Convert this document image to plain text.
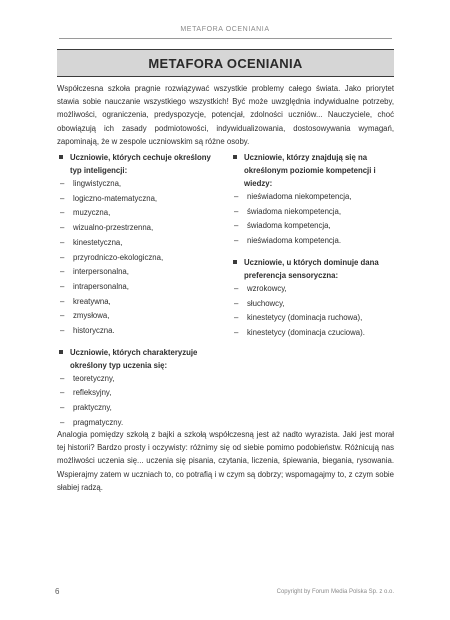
METAFORA OCENIANIA
METAFORA OCENIANIA

Współczesna szkoła pragnie rozwiązywać wszystkie problemy całego świata. Jako priorytet stawia sobie nauczanie wszystkiego wszystkich! Być może uwzględnia indywidualne potrzeby, możliwości, ograniczenia, predyspozycje, potencjał, zdolności uczniów... Nauczyciele, choć obowiązują ich zasady podmiotowości, indywidualizowania, dostosowywania wymagań, zapominają, że w zespole uczniowskim są różne osoby.

Uczniowie, których cechuje określony typ inteligencji:
–	lingwistyczna,
–	logiczno-matematyczna,
–	muzyczna,
–	wizualno-przestrzenna,
–	kinestetyczna,
–	przyrodniczo-ekologiczna,
–	interpersonalna,
–	intrapersonalna,
–	kreatywna,
–	zmysłowa,
–	historyczna.
Uczniowie, których charakteryzuje określony typ uczenia się:
–	teoretyczny,
–	refleksyjny,
–	praktyczny,
–	pragmatyczny.
Uczniowie, którzy znajdują się na określonym poziomie kompetencji i wiedzy:
–	nieświadoma niekompetencja,
–	świadoma niekompetencja,
–	świadoma kompetencja,
–	nieświadoma kompetencja.
Uczniowie, u których dominuje dana preferencja sensoryczna:
–	wzrokowcy,
–	słuchowcy,
–	kinestetycy (dominacja ruchowa),
–	kinestetycy (dominacja czuciowa).

Analogia pomiędzy szkołą z bajki a szkołą współczesną jest aż nadto wyrazista. Jaki jest morał tej historii? Bardzo prosty i oczywisty: różnimy się od siebie pomimo podobieństw. Różnicują nas możliwości uczenia się... uczenia się pisania, czytania, liczenia, śpiewania, biegania, rysowania. Wspierajmy zatem w uczniach to, co potrafią i w czym są dobrzy; wspomagajmy to, z czym sobie słabiej radzą.

6	Copyright by Forum Media Polska Sp. z o.o.
